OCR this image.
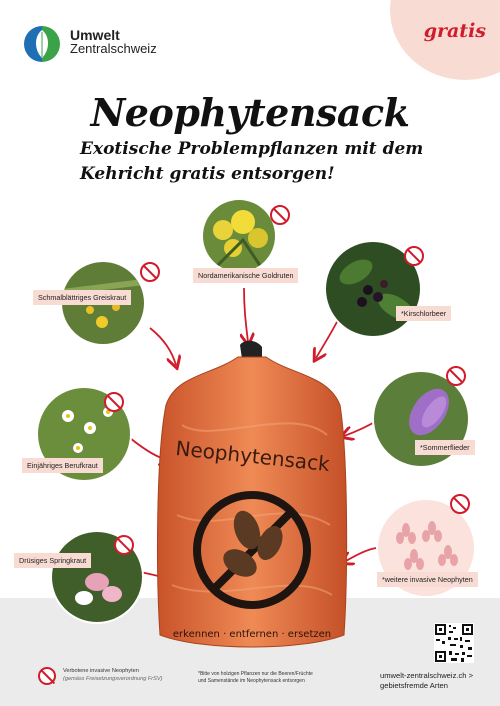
gratis
Umwelt
Zentralschweiz
Neophytensack
Exotische Problempflanzen mit dem
Kehricht gratis entsorgen!
Neophytensack
erkennen · entfernen · ersetzen
Nordamerikanische Goldruten
Schmalblättriges Greiskraut
*Kirschlorbeer
Einjähriges Berufkraut
*Sommerflieder
Drüsiges Springkraut
*weitere invasive Neophyten
Verbotene invasive Neophyten
(gemäss Freisetzungsverordnung FrSV)
*Bitte von holzigen Pflanzen nur die Beeren/Früchte
und Samenstände im Neophytensack entsorgen
umwelt-zentralschweiz.ch >
gebietsfremde Arten
